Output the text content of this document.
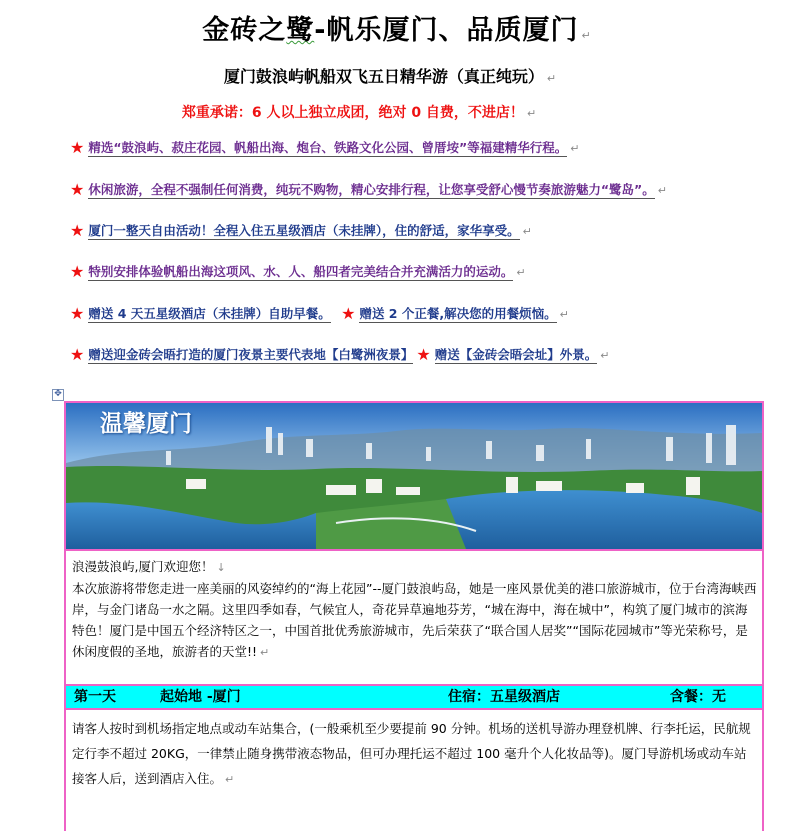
金砖之鹭-帆乐厦门、品质厦门 ↵
厦门鼓浪屿帆船双飞五日精华游（真正纯玩） ↵
郑重承诺：6 人以上独立成团，绝对 0 自费，不进店！ ↵
★ 精选“鼓浪屿、菽庄花园、帆船出海、炮台、铁路文化公园、曾厝垵”等福建精华行程。 ↵
★ 休闲旅游，全程不强制任何消费，纯玩不购物，精心安排行程，让您享受舒心慢节奏旅游魅力“鹭岛”。 ↵
★ 厦门一整天自由活动！全程入住五星级酒店（未挂牌），住的舒适，家华享受。 ↵
★ 特别安排体验帆船出海这项风、水、人、船四者完美结合并充满活力的运动。 ↵
★ 赠送 4 天五星级酒店（未挂牌）自助早餐。 ★ 赠送 2 个正餐,解决您的用餐烦恼。 ↵
★ 赠送迎金砖会晤打造的厦门夜景主要代表地【白鹭洲夜景】 ★ 赠送【金砖会晤会址】外景。 ↵
✥
温馨厦门

浪漫鼓浪屿,厦门欢迎您！ ↓

本次旅游将带您走进一座美丽的风姿绰约的“海上花园”--厦门鼓浪屿岛，她是一座风景优美的港口旅游城市，位于台湾海峡西岸，与金门诸岛一水之隔。这里四季如春，气候宜人，奇花异草遍地芬芳，“城在海中，海在城中”，构筑了厦门城市的滨海特色！厦门是中国五个经济特区之一，中国首批优秀旅游城市，先后荣获了“联合国人居奖”“国际花园城市”等光荣称号，是休闲度假的圣地，旅游者的天堂!! ↵

第一天	起始地 -厦门	住宿：五星级酒店	含餐：无

请客人按时到机场指定地点或动车站集合，(一般乘机至少要提前 90 分钟。机场的送机导游办理登机牌、行李托运，民航规定行李不超过 20KG，一律禁止随身携带液态物品，但可办理托运不超过 100 毫升个人化妆品等)。厦门导游机场或动车站接客人后，送到酒店入住。 ↵
